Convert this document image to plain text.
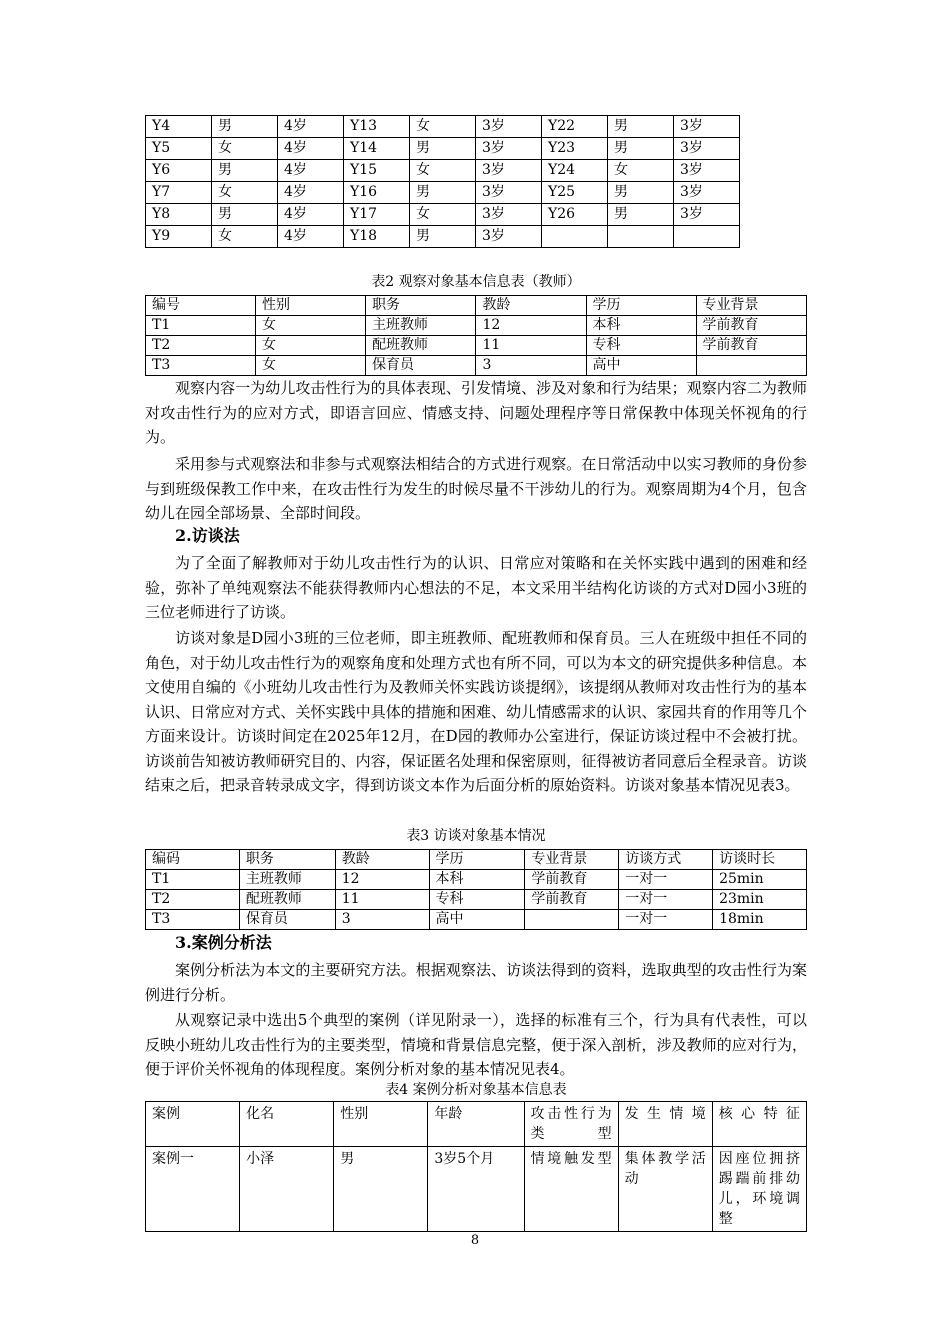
Y4	男	4岁	Y13	女	3岁	Y22	男	3岁
Y5	女	4岁	Y14	男	3岁	Y23	男	3岁
Y6	男	4岁	Y15	女	3岁	Y24	女	3岁
Y7	女	4岁	Y16	男	3岁	Y25	男	3岁
Y8	男	4岁	Y17	女	3岁	Y26	男	3岁
Y9	女	4岁	Y18	男	3岁			
表2 观察对象基本信息表（教师）
编号	性别	职务	教龄	学历	专业背景
T1	女	主班教师	12	本科	学前教育
T2	女	配班教师	11	专科	学前教育
T3	女	保育员	3	高中	

观察内容一为幼儿攻击性行为的具体表现、引发情境、涉及对象和行为结果；观察内容二为教师对攻击性行为的应对方式，即语言回应、情感支持、问题处理程序等日常保教中体现关怀视角的行为。

采用参与式观察法和非参与式观察法相结合的方式进行观察。在日常活动中以实习教师的身份参与到班级保教工作中来，在攻击性行为发生的时候尽量不干涉幼儿的行为。观察周期为4个月，包含幼儿在园全部场景、全部时间段。

2.访谈法

为了全面了解教师对于幼儿攻击性行为的认识、日常应对策略和在关怀实践中遇到的困难和经验，弥补了单纯观察法不能获得教师内心想法的不足，本文采用半结构化访谈的方式对D园小3班的三位老师进行了访谈。

访谈对象是D园小3班的三位老师，即主班教师、配班教师和保育员。三人在班级中担任不同的角色，对于幼儿攻击性行为的观察角度和处理方式也有所不同，可以为本文的研究提供多种信息。本文使用自编的《小班幼儿攻击性行为及教师关怀实践访谈提纲》，该提纲从教师对攻击性行为的基本认识、日常应对方式、关怀实践中具体的措施和困难、幼儿情感需求的认识、家园共育的作用等几个方面来设计。访谈时间定在2025年12月，在D园的教师办公室进行，保证访谈过程中不会被打扰。访谈前告知被访教师研究目的、内容，保证匿名处理和保密原则，征得被访者同意后全程录音。访谈结束之后，把录音转录成文字，得到访谈文本作为后面分析的原始资料。访谈对象基本情况见表3。

表3 访谈对象基本情况
编码	职务	教龄	学历	专业背景	访谈方式	访谈时长
T1	主班教师	12	本科	学前教育	一对一	25min
T2	配班教师	11	专科	学前教育	一对一	23min
T3	保育员	3	高中		一对一	18min
3.案例分析法

案例分析法为本文的主要研究方法。根据观察法、访谈法得到的资料，选取典型的攻击性行为案例进行分析。

从观察记录中选出5个典型的案例（详见附录一），选择的标准有三个，行为具有代表性，可以反映小班幼儿攻击性行为的主要类型，情境和背景信息完整，便于深入剖析，涉及教师的应对行为，便于评价关怀视角的体现程度。案例分析对象的基本情况见表4。

表4 案例分析对象基本信息表
案例	化名	性别	年龄	攻击性行为类型	发生情境	核心特征
案例一	小泽	男	3岁5个月	情境触发型	集体教学活动	因座位拥挤踢踹前排幼儿，环境调整
8
